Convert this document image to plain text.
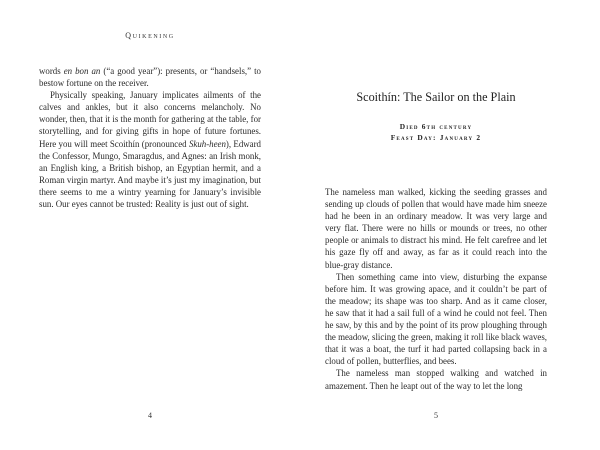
Quikening

words en bon an (“a good year”): presents, or “handsels,” to bestow fortune on the receiver.

Physically speaking, January implicates ailments of the calves and ankles, but it also concerns melancholy. No wonder, then, that it is the month for gathering at the table, for storytelling, and for giving gifts in hope of future fortunes. Here you will meet Scoithín (pronounced Skuh-heen), Edward the Confessor, Mungo, Smaragdus, and Agnes: an Irish monk, an English king, a British bishop, an Egyptian hermit, and a Roman virgin martyr. And maybe it’s just my imagination, but there seems to me a wintry yearning for January’s invisible sun. Our eyes cannot be trusted: Reality is just out of sight.

4
Scoithín: The Sailor on the Plain
Died 6th century
Feast Day: January 2

The nameless man walked, kicking the seeding grasses and sending up clouds of pollen that would have made him sneeze had he been in an ordinary meadow. It was very large and very flat. There were no hills or mounds or trees, no other people or animals to distract his mind. He felt carefree and let his gaze fly off and away, as far as it could reach into the blue-gray distance.

Then something came into view, disturbing the expanse before him. It was growing apace, and it couldn’t be part of the meadow; its shape was too sharp. And as it came closer, he saw that it had a sail full of a wind he could not feel. Then he saw, by this and by the point of its prow ploughing through the meadow, slicing the green, making it roll like black waves, that it was a boat, the turf it had parted collapsing back in a cloud of pollen, butterflies, and bees.

The nameless man stopped walking and watched in amazement. Then he leapt out of the way to let the long

5
